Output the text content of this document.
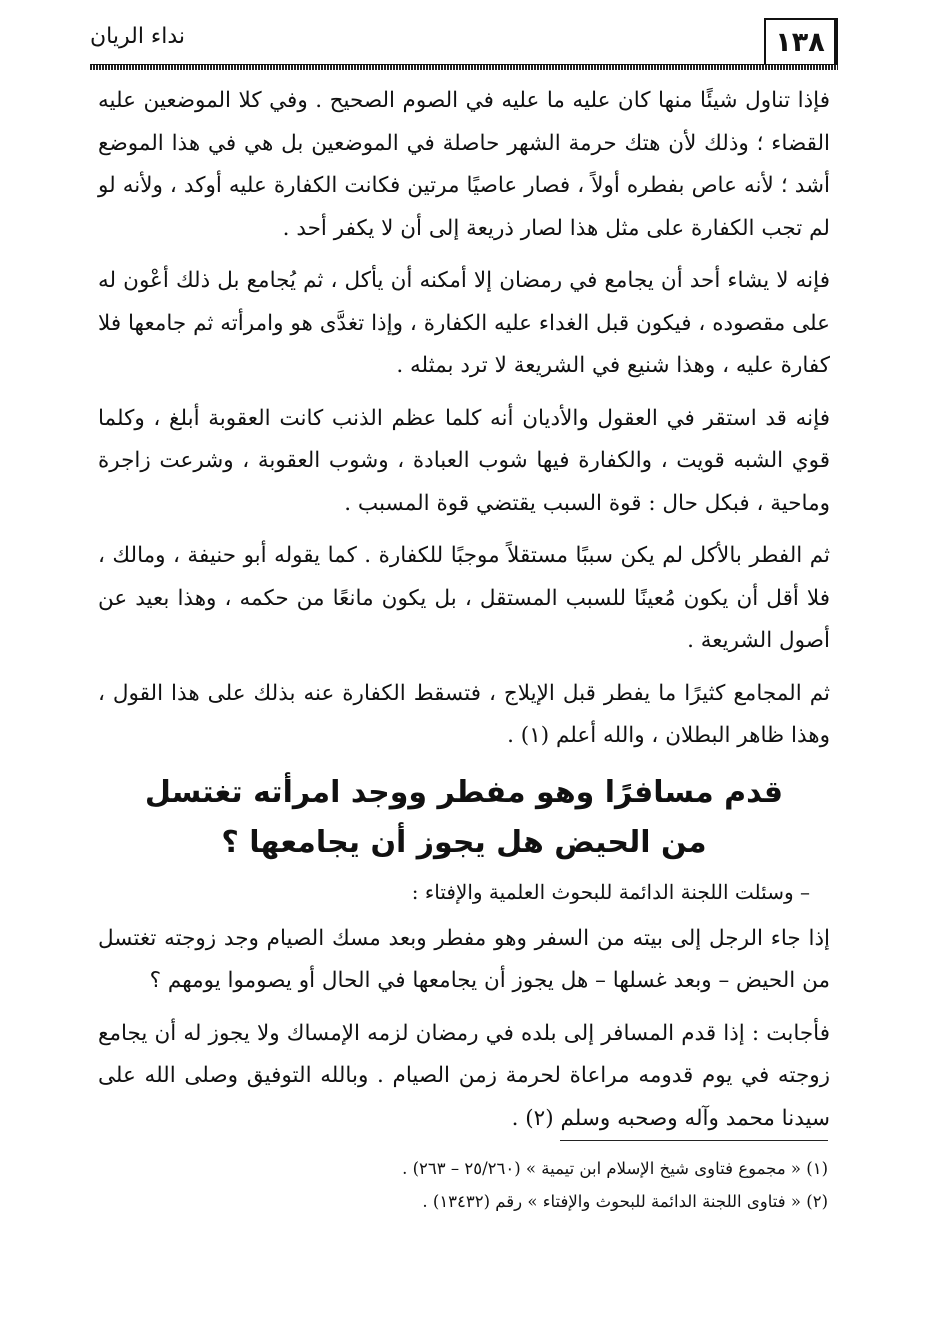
١٣٨
نداء الريان

فإذا تناول شيئًا منها كان عليه ما عليه في الصوم الصحيح . وفي كلا الموضعين عليه القضاء ؛ وذلك لأن هتك حرمة الشهر حاصلة في الموضعين بل هي في هذا الموضع أشد ؛ لأنه عاص بفطره أولاً ، فصار عاصيًا مرتين فكانت الكفارة عليه أوكد ، ولأنه لو لم تجب الكفارة على مثل هذا لصار ذريعة إلى أن لا يكفر أحد .

فإنه لا يشاء أحد أن يجامع في رمضان إلا أمكنه أن يأكل ، ثم يُجامع بل ذلك أعْون له على مقصوده ، فيكون قبل الغداء عليه الكفارة ، وإذا تغدَّى هو وامرأته ثم جامعها فلا كفارة عليه ، وهذا شنيع في الشريعة لا ترد بمثله .

فإنه قد استقر في العقول والأديان أنه كلما عظم الذنب كانت العقوبة أبلغ ، وكلما قوي الشبه قويت ، والكفارة فيها شوب العبادة ، وشوب العقوبة ، وشرعت زاجرة وماحية ، فبكل حال : قوة السبب يقتضي قوة المسبب .

ثم الفطر بالأكل لم يكن سببًا مستقلاً موجبًا للكفارة . كما يقوله أبو حنيفة ، ومالك ، فلا أقل أن يكون مُعينًا للسبب المستقل ، بل يكون مانعًا من حكمه ، وهذا بعيد عن أصول الشريعة .

ثم المجامع كثيرًا ما يفطر قبل الإيلاج ، فتسقط الكفارة عنه بذلك على هذا القول ، وهذا ظاهر البطلان ، والله أعلم (١) .

قدم مسافرًا وهو مفطر ووجد امرأته تغتسل
من الحيض هل يجوز أن يجامعها ؟

– وسئلت اللجنة الدائمة للبحوث العلمية والإفتاء :

إذا جاء الرجل إلى بيته من السفر وهو مفطر وبعد مسك الصيام وجد زوجته تغتسل من الحيض – وبعد غسلها – هل يجوز أن يجامعها في الحال أو يصوموا يومهم ؟

فأجابت : إذا قدم المسافر إلى بلده في رمضان لزمه الإمساك ولا يجوز له أن يجامع زوجته في يوم قدومه مراعاة لحرمة زمن الصيام . وبالله التوفيق وصلى الله على سيدنا محمد وآله وصحبه وسلم (٢) .

(١) « مجموع فتاوى شيخ الإسلام ابن تيمية » (٢٥/٢٦٠ – ٢٦٣) .

(٢) « فتاوى اللجنة الدائمة للبحوث والإفتاء » رقم (١٣٤٣٢) .
